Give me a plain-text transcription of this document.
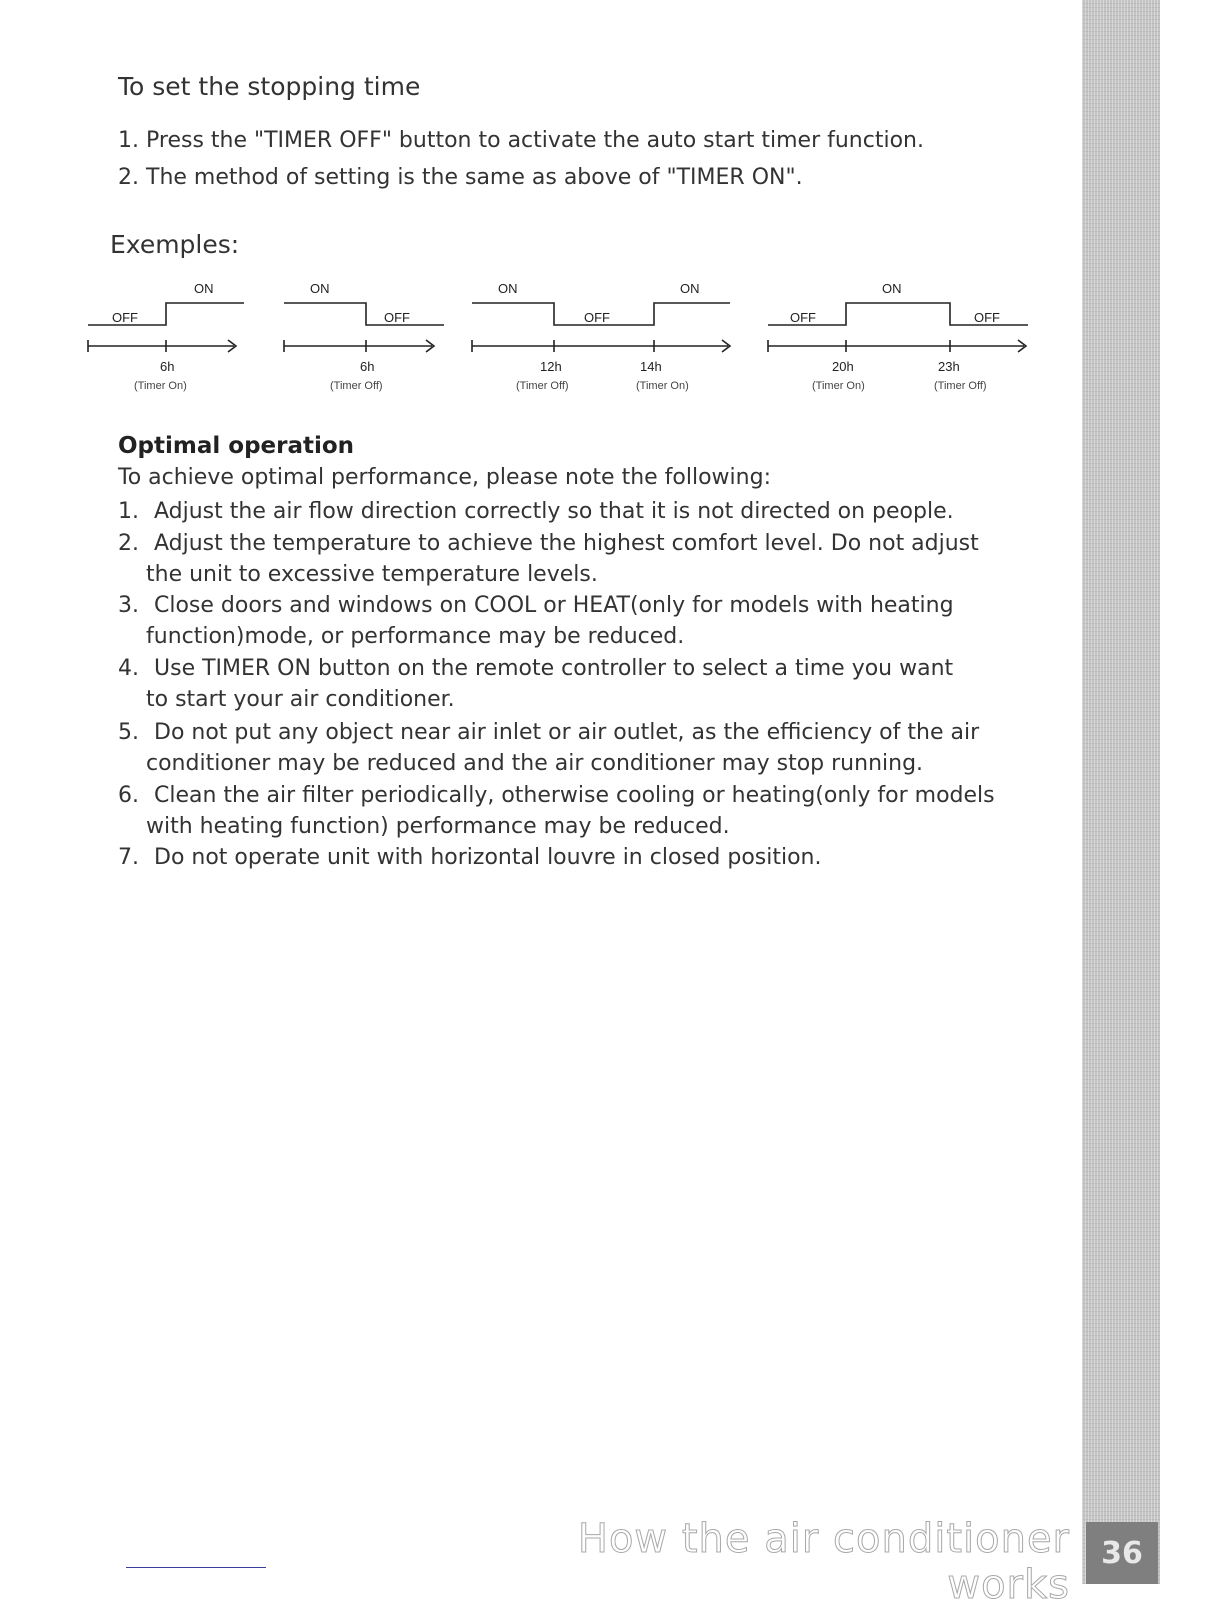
36
How the air conditioner works
To set the stopping time
1. Press the "TIMER OFF" button to activate the auto start timer function.
2. The method of setting is the same as above of "TIMER ON".
Exemples:
ON
OFF
6h
(Timer On)
ON
OFF
6h
(Timer Off)
ON	ON
OFF
12h	14h
(Timer Off)	(Timer On)
ON
OFF	OFF
20h	23h
(Timer On)	(Timer Off)
Optimal operation
To achieve optimal performance, please note the following:
1. Adjust the air flow direction correctly so that it is not directed on people.
2. Adjust the temperature to achieve the highest comfort level. Do not adjust
the unit to excessive temperature levels.
3. Close doors and windows on COOL or HEAT(only for models with heating
function)mode, or performance may be reduced.
4. Use TIMER ON button on the remote controller to select a time you want
to start your air conditioner.
5. Do not put any object near air inlet or air outlet, as the efficiency of the air
conditioner may be reduced and the air conditioner may stop running.
6. Clean the air filter periodically, otherwise cooling or heating(only for models
with heating function) performance may be reduced.
7. Do not operate unit with horizontal louvre in closed position.
